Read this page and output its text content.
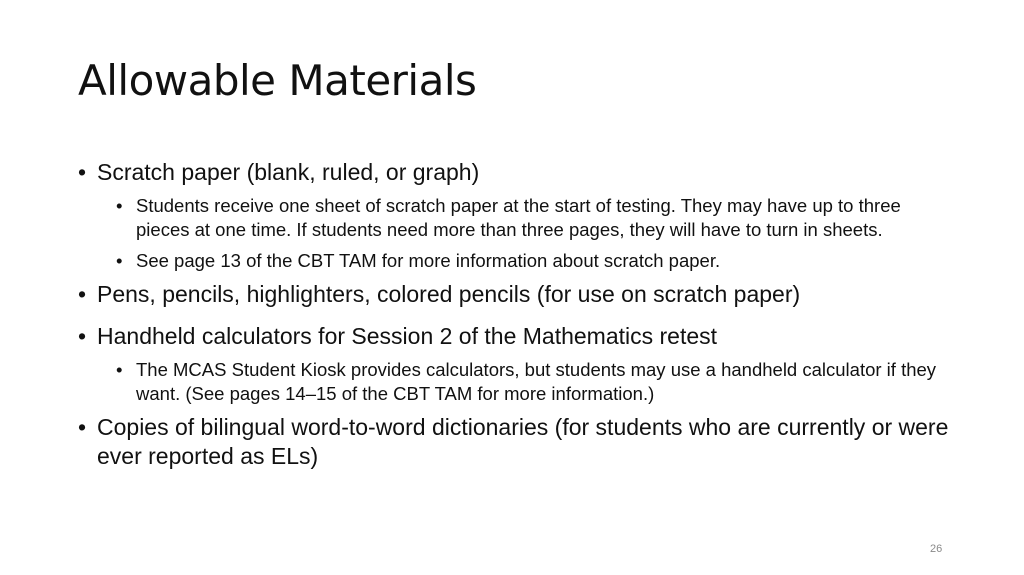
Allowable Materials
• Scratch paper (blank, ruled, or graph)
• Students receive one sheet of scratch paper at the start of testing. They may have up to three pieces at one time. If students need more than three pages, they will have to turn in sheets.
• See page 13 of the CBT TAM for more information about scratch paper.
• Pens, pencils, highlighters, colored pencils (for use on scratch paper)
• Handheld calculators for Session 2 of the Mathematics retest
• The MCAS Student Kiosk provides calculators, but students may use a handheld calculator if they want. (See pages 14–15 of the CBT TAM for more information.)
• Copies of bilingual word-to-word dictionaries (for students who are currently or were ever reported as ELs)
26
